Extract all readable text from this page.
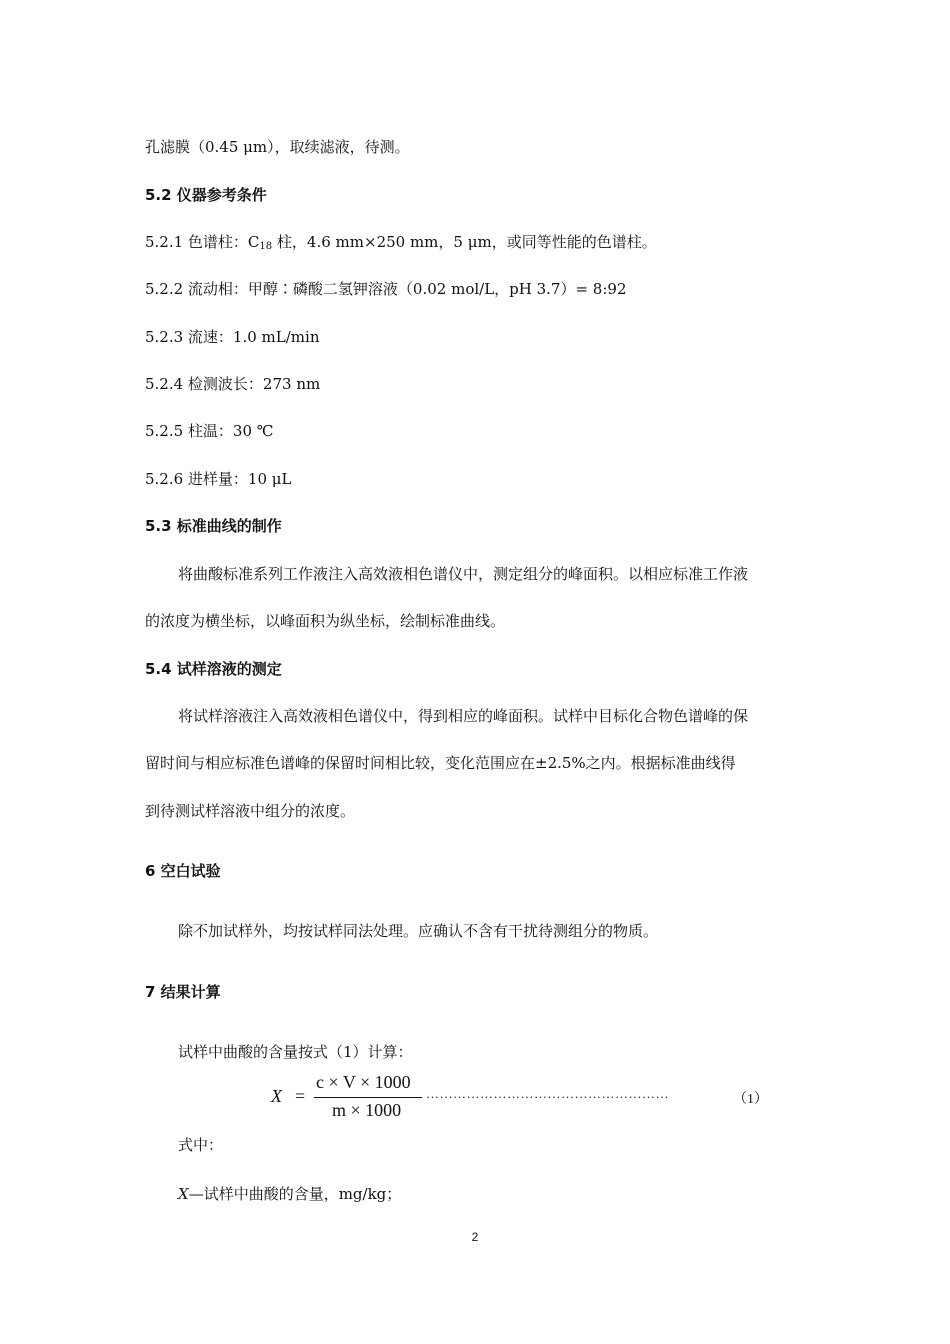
孔滤膜（0.45 μm），取续滤液，待测。
5.2 仪器参考条件
5.2.1 色谱柱：$C_{18}$ 柱，4.6 mm×250 mm，5 μm，或同等性能的色谱柱。
5.2.2 流动相：甲醇∶磷酸二氢钾溶液（0.02 mol/L，pH 3.7）= 8:92
5.2.3 流速：1.0 mL/min
5.2.4 检测波长：273 nm
5.2.5 柱温：30 ℃
5.2.6 进样量：10 μL
5.3 标准曲线的制作
将曲酸标准系列工作液注入高效液相色谱仪中，测定组分的峰面积。以相应标准工作液
的浓度为横坐标，以峰面积为纵坐标，绘制标准曲线。
5.4 试样溶液的测定
将试样溶液注入高效液相色谱仪中，得到相应的峰面积。试样中目标化合物色谱峰的保
留时间与相应标准色谱峰的保留时间相比较，变化范围应在±2.5%之内。根据标准曲线得
到待测试样溶液中组分的浓度。
6 空白试验
除不加试样外，均按试样同法处理。应确认不含有干扰待测组分的物质。
7 结果计算
试样中曲酸的含量按式（1）计算：
X =
c × V × 1000
m × 1000
………………………………………………	（1）
式中：
X—试样中曲酸的含量，mg/kg；
2
